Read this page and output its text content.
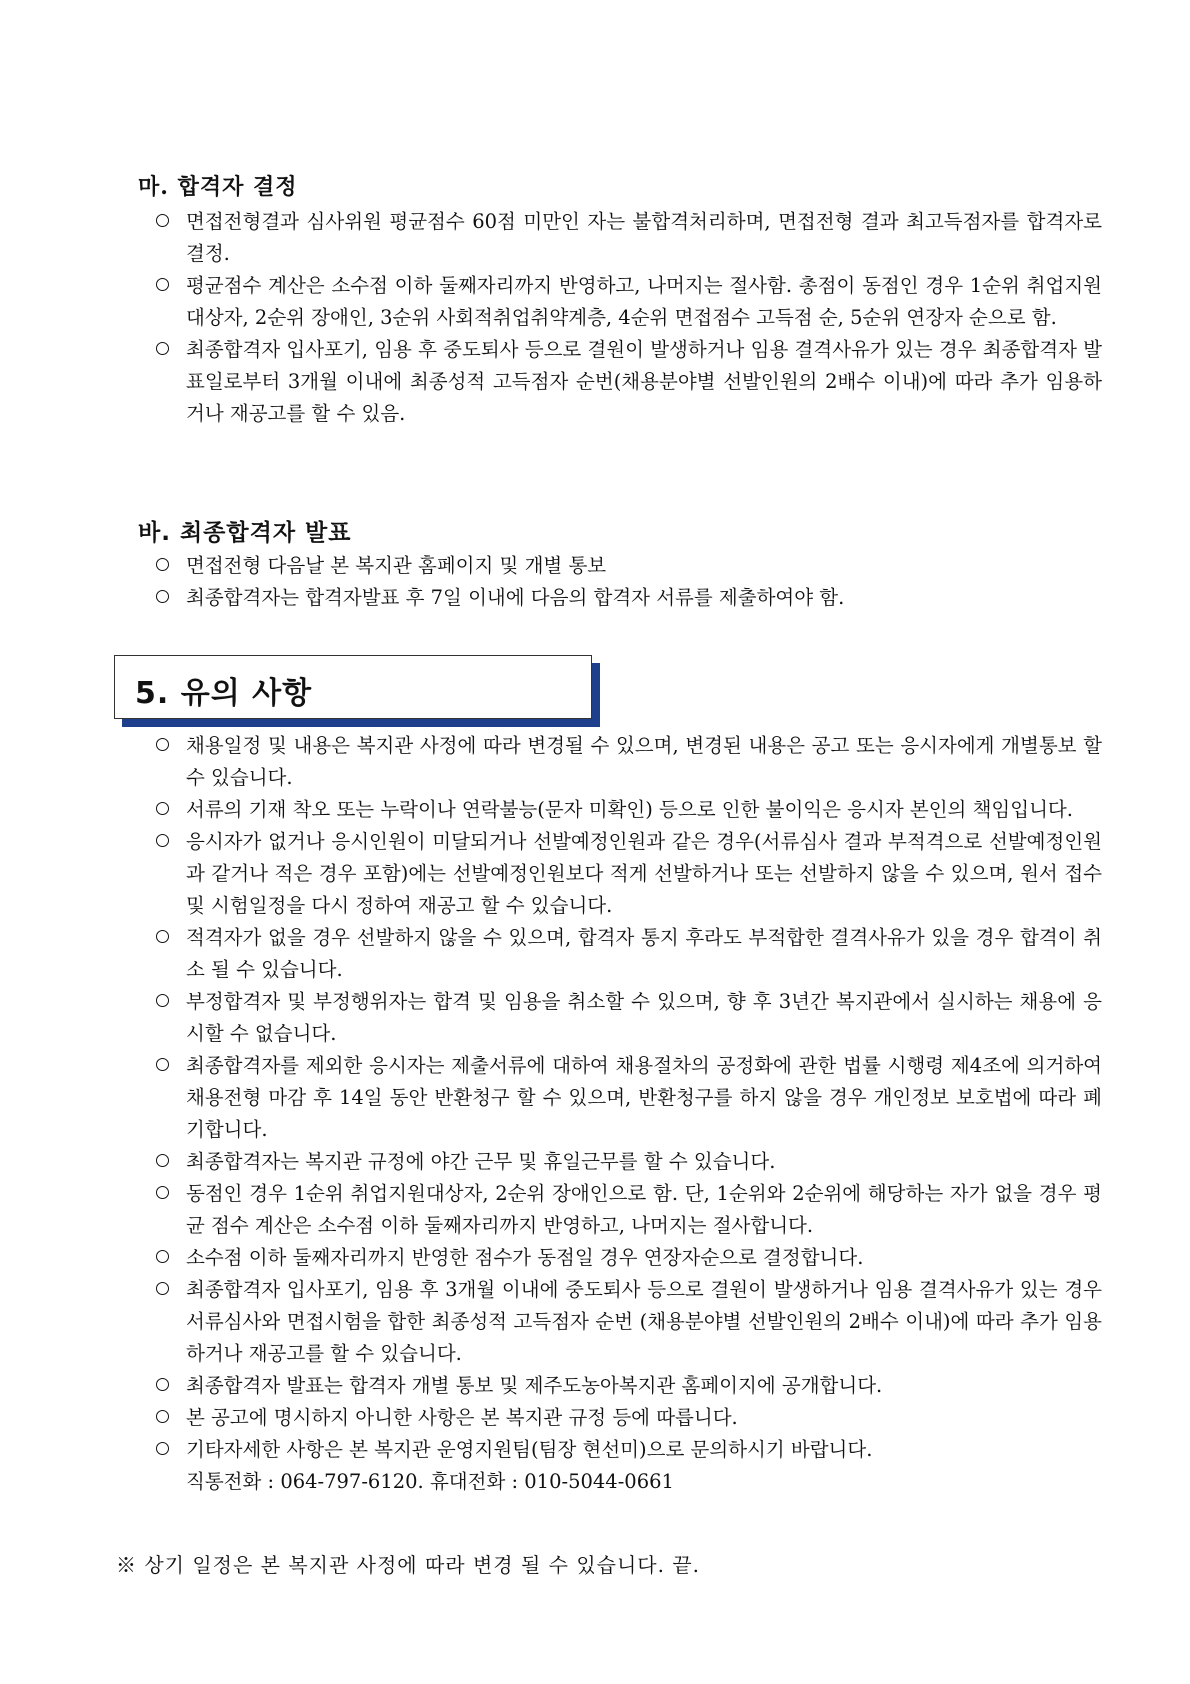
마. 합격자 결정
면접전형결과 심사위원 평균점수 60점 미만인 자는 불합격처리하며, 면접전형 결과 최고득점자를 합격자로 결정.
평균점수 계산은 소수점 이하 둘째자리까지 반영하고, 나머지는 절사함. 총점이 동점인 경우 1순위 취업지원대상자, 2순위 장애인, 3순위 사회적취업취약계층, 4순위 면접점수 고득점 순, 5순위 연장자 순으로 함.
최종합격자 입사포기, 임용 후 중도퇴사 등으로 결원이 발생하거나 임용 결격사유가 있는 경우 최종합격자 발표일로부터 3개월 이내에 최종성적 고득점자 순번(채용분야별 선발인원의 2배수 이내)에 따라 추가 임용하거나 재공고를 할 수 있음.
바. 최종합격자 발표
면접전형 다음날 본 복지관 홈페이지 및 개별 통보
최종합격자는 합격자발표 후 7일 이내에 다음의 합격자 서류를 제출하여야 함.
5. 유의 사항
채용일정 및 내용은 복지관 사정에 따라 변경될 수 있으며, 변경된 내용은 공고 또는 응시자에게 개별통보 할 수 있습니다.
서류의 기재 착오 또는 누락이나 연락불능(문자 미확인) 등으로 인한 불이익은 응시자 본인의 책임입니다.
응시자가 없거나 응시인원이 미달되거나 선발예정인원과 같은 경우(서류심사 결과 부적격으로 선발예정인원과 같거나 적은 경우 포함)에는 선발예정인원보다 적게 선발하거나 또는 선발하지 않을 수 있으며, 원서 접수 및 시험일정을 다시 정하여 재공고 할 수 있습니다.
적격자가 없을 경우 선발하지 않을 수 있으며, 합격자 통지 후라도 부적합한 결격사유가 있을 경우 합격이 취소 될 수 있습니다.
부정합격자 및 부정행위자는 합격 및 임용을 취소할 수 있으며, 향 후 3년간 복지관에서 실시하는 채용에 응시할 수 없습니다.
최종합격자를 제외한 응시자는 제출서류에 대하여 채용절차의 공정화에 관한 법률 시행령 제4조에 의거하여 채용전형 마감 후 14일 동안 반환청구 할 수 있으며, 반환청구를 하지 않을 경우 개인정보 보호법에 따라 폐기합니다.
최종합격자는 복지관 규정에 야간 근무 및 휴일근무를 할 수 있습니다.
동점인 경우 1순위 취업지원대상자, 2순위 장애인으로 함. 단, 1순위와 2순위에 해당하는 자가 없을 경우 평균 점수 계산은 소수점 이하 둘째자리까지 반영하고, 나머지는 절사합니다.
소수점 이하 둘째자리까지 반영한 점수가 동점일 경우 연장자순으로 결정합니다.
최종합격자 입사포기, 임용 후 3개월 이내에 중도퇴사 등으로 결원이 발생하거나 임용 결격사유가 있는 경우 서류심사와 면접시험을 합한 최종성적 고득점자 순번 (채용분야별 선발인원의 2배수 이내)에 따라 추가 임용하거나 재공고를 할 수 있습니다.
최종합격자 발표는 합격자 개별 통보 및 제주도농아복지관 홈페이지에 공개합니다.
본 공고에 명시하지 아니한 사항은 본 복지관 규정 등에 따릅니다.
기타자세한 사항은 본 복지관 운영지원팀(팀장 현선미)으로 문의하시기 바랍니다.
직통전화 : 064-797-6120. 휴대전화 : 010-5044-0661

※ 상기 일정은 본 복지관 사정에 따라 변경 될 수 있습니다. 끝.
